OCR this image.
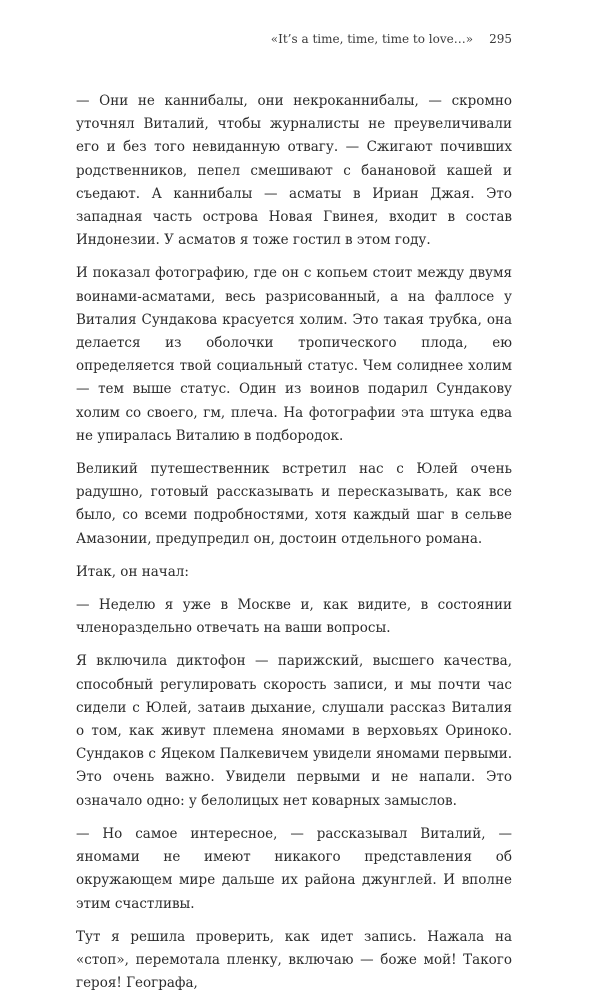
«It’s a time, time, time to love…» 295

— Они не каннибалы, они некроканнибалы, — скромно уточнял Виталий, чтобы журналисты не преувеличивали его и без того невиданную отвагу. — Сжигают почивших родственников, пепел смешивают с банановой кашей и съедают. А каннибалы — асматы в Ириан Джая. Это западная часть острова Новая Гвинея, входит в состав Индонезии. У асматов я тоже гостил в этом году.

И показал фотографию, где он с копьем стоит между двумя воинами-асматами, весь разрисованный, а на фаллосе у Виталия Сундакова красуется холим. Это такая трубка, она делается из оболочки тропического плода, ею определяется твой социальный статус. Чем солиднее холим — тем выше статус. Один из воинов подарил Сундакову холим со своего, гм, плеча. На фотографии эта штука едва не упиралась Виталию в подбородок.

Великий путешественник встретил нас с Юлей очень радушно, готовый рассказывать и пересказывать, как все было, со всеми подробностями, хотя каждый шаг в сельве Амазонии, предупредил он, достоин отдельного романа.

Итак, он начал:

— Неделю я уже в Москве и, как видите, в состоянии членораздельно отвечать на ваши вопросы.

Я включила диктофон — парижский, высшего качества, способный регулировать скорость записи, и мы почти час сидели с Юлей, затаив дыхание, слушали рассказ Виталия о том, как живут племена яномами в верховьях Ориноко. Сундаков с Яцеком Палкевичем увидели яномами первыми. Это очень важно. Увидели первыми и не напали. Это означало одно: у белолицых нет коварных замыслов.

— Но самое интересное, — рассказывал Виталий, — яномами не имеют никакого представления об окружающем мире дальше их района джунглей. И вполне этим счастливы.

Тут я решила проверить, как идет запись. Нажала на «стоп», перемотала пленку, включаю — боже мой! Такого героя! Географа,
